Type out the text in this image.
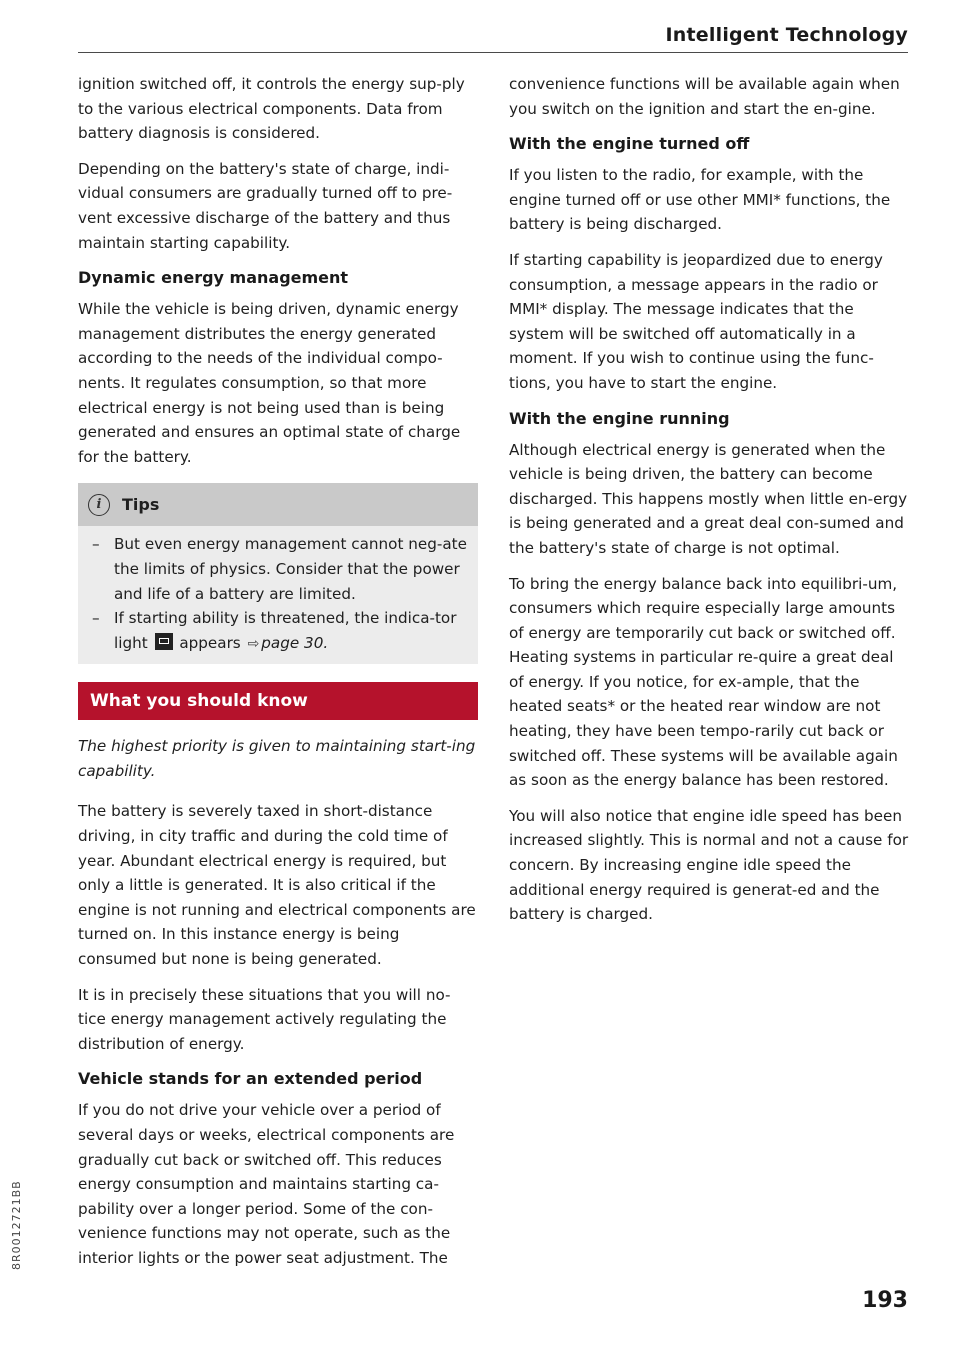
Intelligent Technology

ignition switched off, it controls the energy sup-ply to the various electrical components. Data from battery diagnosis is considered.

Depending on the battery's state of charge, indi-vidual consumers are gradually turned off to pre-vent excessive discharge of the battery and thus maintain starting capability.

Dynamic energy management

While the vehicle is being driven, dynamic energy management distributes the energy generated according to the needs of the individual compo-nents. It regulates consumption, so that more electrical energy is not being used than is being generated and ensures an optimal state of charge for the battery.

i	Tips
– But even energy management cannot neg-ate the limits of physics. Consider that the power and life of a battery are limited.
– If starting ability is threatened, the indica-tor light appears ⇨ page 30.
What you should know

The highest priority is given to maintaining start-ing capability.

The battery is severely taxed in short-distance driving, in city traffic and during the cold time of year. Abundant electrical energy is required, but only a little is generated. It is also critical if the engine is not running and electrical components are turned on. In this instance energy is being consumed but none is being generated.

It is in precisely these situations that you will no-tice energy management actively regulating the distribution of energy.

Vehicle stands for an extended period

If you do not drive your vehicle over a period of several days or weeks, electrical components are gradually cut back or switched off. This reduces energy consumption and maintains starting ca-pability over a longer period. Some of the con-venience functions may not operate, such as the interior lights or the power seat adjustment. The

convenience functions will be available again when you switch on the ignition and start the en-gine.

With the engine turned off

If you listen to the radio, for example, with the engine turned off or use other MMI* functions, the battery is being discharged.

If starting capability is jeopardized due to energy consumption, a message appears in the radio or MMI* display. The message indicates that the system will be switched off automatically in a moment. If you wish to continue using the func-tions, you have to start the engine.

With the engine running

Although electrical energy is generated when the vehicle is being driven, the battery can become discharged. This happens mostly when little en-ergy is being generated and a great deal con-sumed and the battery's state of charge is not optimal.

To bring the energy balance back into equilibri-um, consumers which require especially large amounts of energy are temporarily cut back or switched off. Heating systems in particular re-quire a great deal of energy. If you notice, for ex-ample, that the heated seats* or the heated rear window are not heating, they have been tempo-rarily cut back or switched off. These systems will be available again as soon as the energy balance has been restored.

You will also notice that engine idle speed has been increased slightly. This is normal and not a cause for concern. By increasing engine idle speed the additional energy required is generat-ed and the battery is charged.

8R0012721BB
193
